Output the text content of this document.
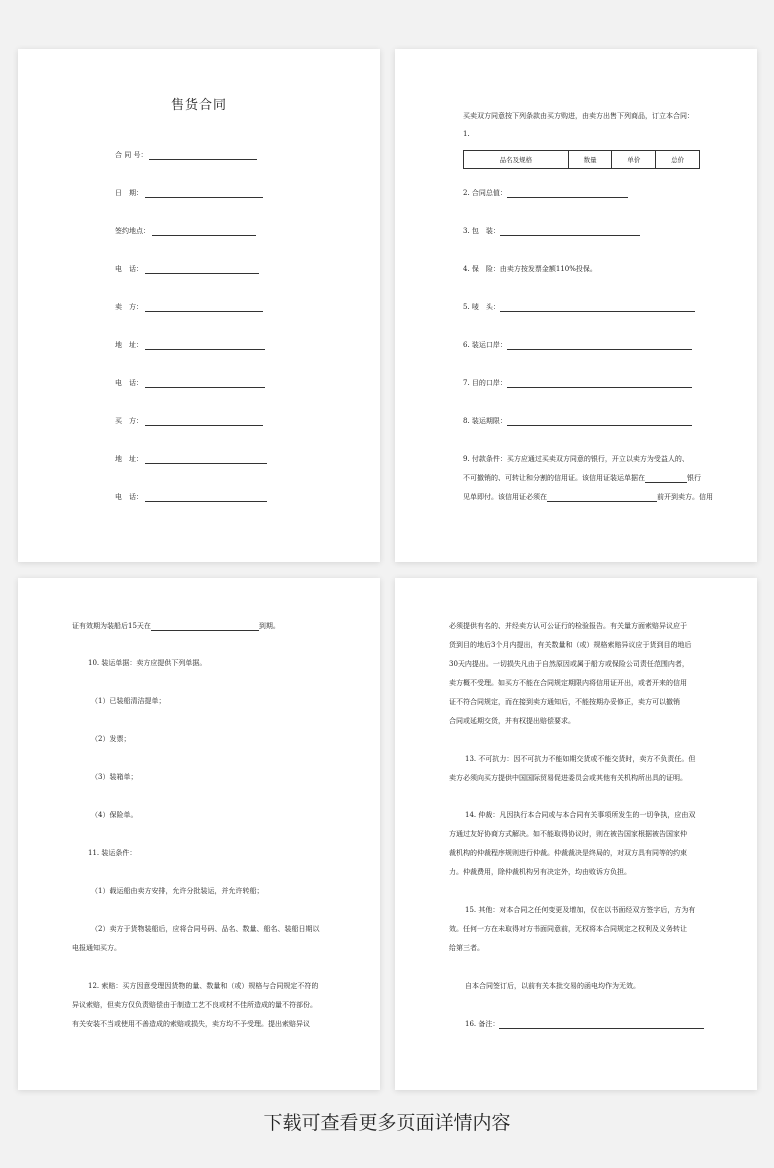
售货合同
合 同 号：
日　期：
签约地点：
电　话：
卖　方：
地　址：
电　话：
买　方：
地　址：
电　话：
买卖双方同意按下列条款由买方购进，由卖方出售下列商品，订立本合同：
1.
品名及规格	数量	单价	总价
2. 合同总值：
3. 包　装：
4. 保　险：由卖方按发票金额110%投保。
5. 唛　头：
6. 装运口岸：
7. 目的口岸：
8. 装运期限：
9. 付款条件：买方应通过买卖双方同意的银行，开立以卖方为受益人的、
不可撤销的、可转让和分割的信用证。该信用证装运单据在	银行
见单即付。该信用证必须在	前开到卖方。信用
证有效期为装船后15天在	到期。
10. 装运单据：卖方应提供下列单据。
（1）已装船清洁提单；
（2）发票；
（3）装箱单；
（4）保险单。
11. 装运条件：
（1）载运船由卖方安排，允许分批装运，并允许转船；
（2）卖方于货物装船后，应将合同号码、品名、数量、船名、装船日期以
电报通知买方。
12. 索赔：买方因意受理因货物的量、数量和（或）规格与合同规定不符的
异议索赔，但卖方仅负责赔偿由于制造工艺不良或材不佳所造成的量不符部份。
有关安装不当或使用不善造成的索赔或损失，卖方均不予受理。提出索赔异议
必须提供有名的、并经卖方认可公证行的检验报告。有关量方面索赔异议应于
货到目的地后3个月内提出，有关数量和（或）规格索赔异议应于货到目的地后
30天内提出。一切损失凡由于自然原因或属于船方或保险公司责任范围内者，
卖方概不受理。如买方不能在合同规定期限内将信用证开出，或者开来的信用
证不符合同规定，而在接到卖方通知后，不能按期办妥修正，卖方可以撤销
合同或延期交货，并有权提出赔偿要求。
13. 不可抗力：因不可抗力不能如期交货或不能交货时，卖方不负责任。但
卖方必须向买方提供中国国际贸易促进委员会或其他有关机构所出具的证明。
14. 仲裁：凡因执行本合同或与本合同有关事项所发生的一切争执，应由双
方通过友好协商方式解决。如不能取得协议时，则在被告国家根据被告国家仲
裁机构的仲裁程序规则进行仲裁。仲裁裁决是终局的，对双方具有同等的约束
力。仲裁费用，除仲裁机构另有决定外，均由败诉方负担。
15. 其他：对本合同之任何变更及增加，仅在以书面经双方签字后，方为有
效。任何一方在未取得对方书面同意前，无权将本合同规定之权利及义务转让
给第三者。
自本合同签订后，以前有关本批交易的函电均作为无效。
16. 备注：
下载可查看更多页面详情内容
